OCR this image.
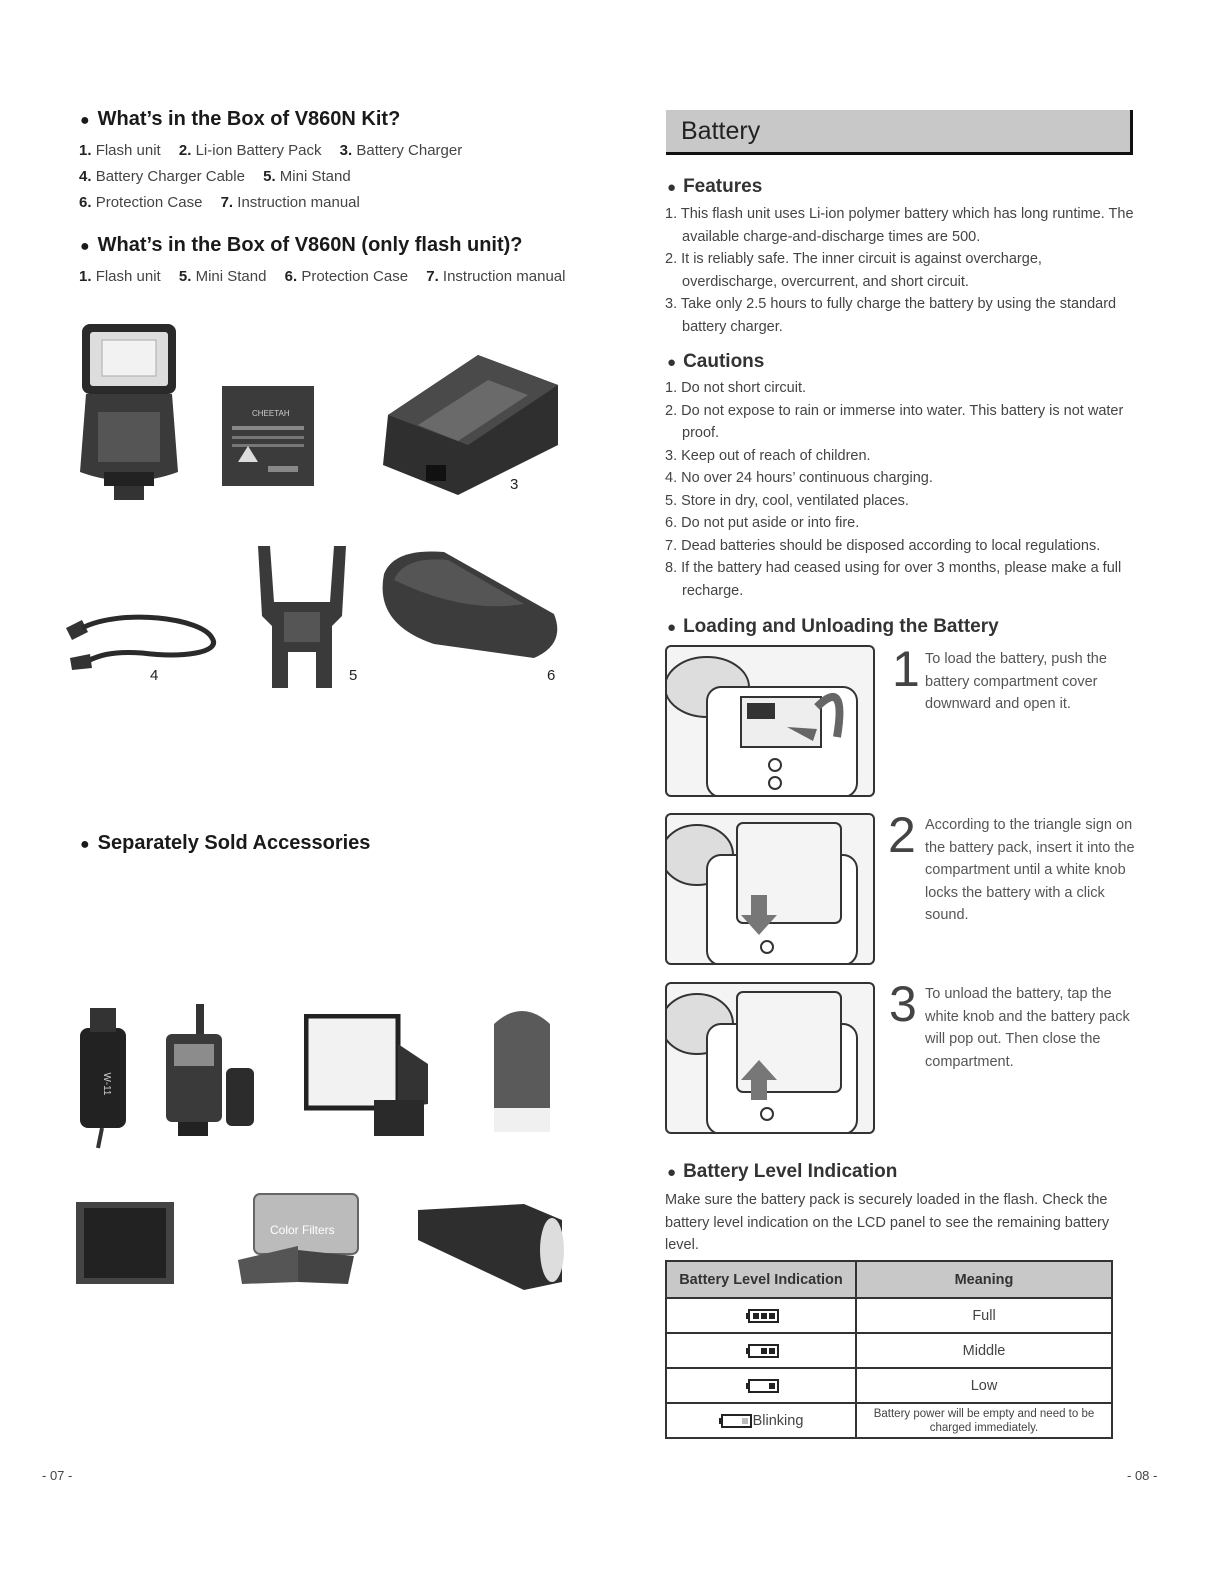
● What’s in the Box of V860N Kit?
1. Flash unit 2. Li-ion Battery Pack 3. Battery Charger
4. Battery Charger Cable 5. Mini Stand
6. Protection Case 7. Instruction manual
● What’s in the Box of V860N (only flash unit)?
1. Flash unit 5. Mini Stand 6. Protection Case 7. Instruction manual
CHEETAH
3
4	5	6
● Separately Sold Accessories
W-11
Color Filters
- 07 -
Battery
● Features
1. This flash unit uses Li-ion polymer battery which has long runtime. The available charge-and-discharge times are 500.
2. It is reliably safe. The inner circuit is against overcharge, overdischarge, overcurrent, and short circuit.
3. Take only 2.5 hours to fully charge the battery by using the standard battery charger.
● Cautions
1. Do not short circuit.
2. Do not expose to rain or immerse into water. This battery is not water proof.
3. Keep out of reach of children.
4. No over 24 hours’ continuous charging.
5. Store in dry, cool, ventilated places.
6. Do not put aside or into fire.
7. Dead batteries should be disposed according to local regulations.
8. If the battery had ceased using for over 3 months, please make a full recharge.
● Loading and Unloading the Battery
1 To load the battery, push the battery compartment cover downward and open it.
2 According to the triangle sign on the battery pack, insert it into the compartment until a white knob locks the battery with a click sound.
3 To unload the battery, tap the white knob and the battery pack will pop out. Then close the compartment.
● Battery Level Indication
Make sure the battery pack is securely loaded in the flash. Check the battery level indication on the LCD panel to see the remaining battery level.
Battery Level Indication	Meaning
	Full
	Middle
	Low
Blinking	Battery power will be empty and need to be charged immediately.
- 08 -
